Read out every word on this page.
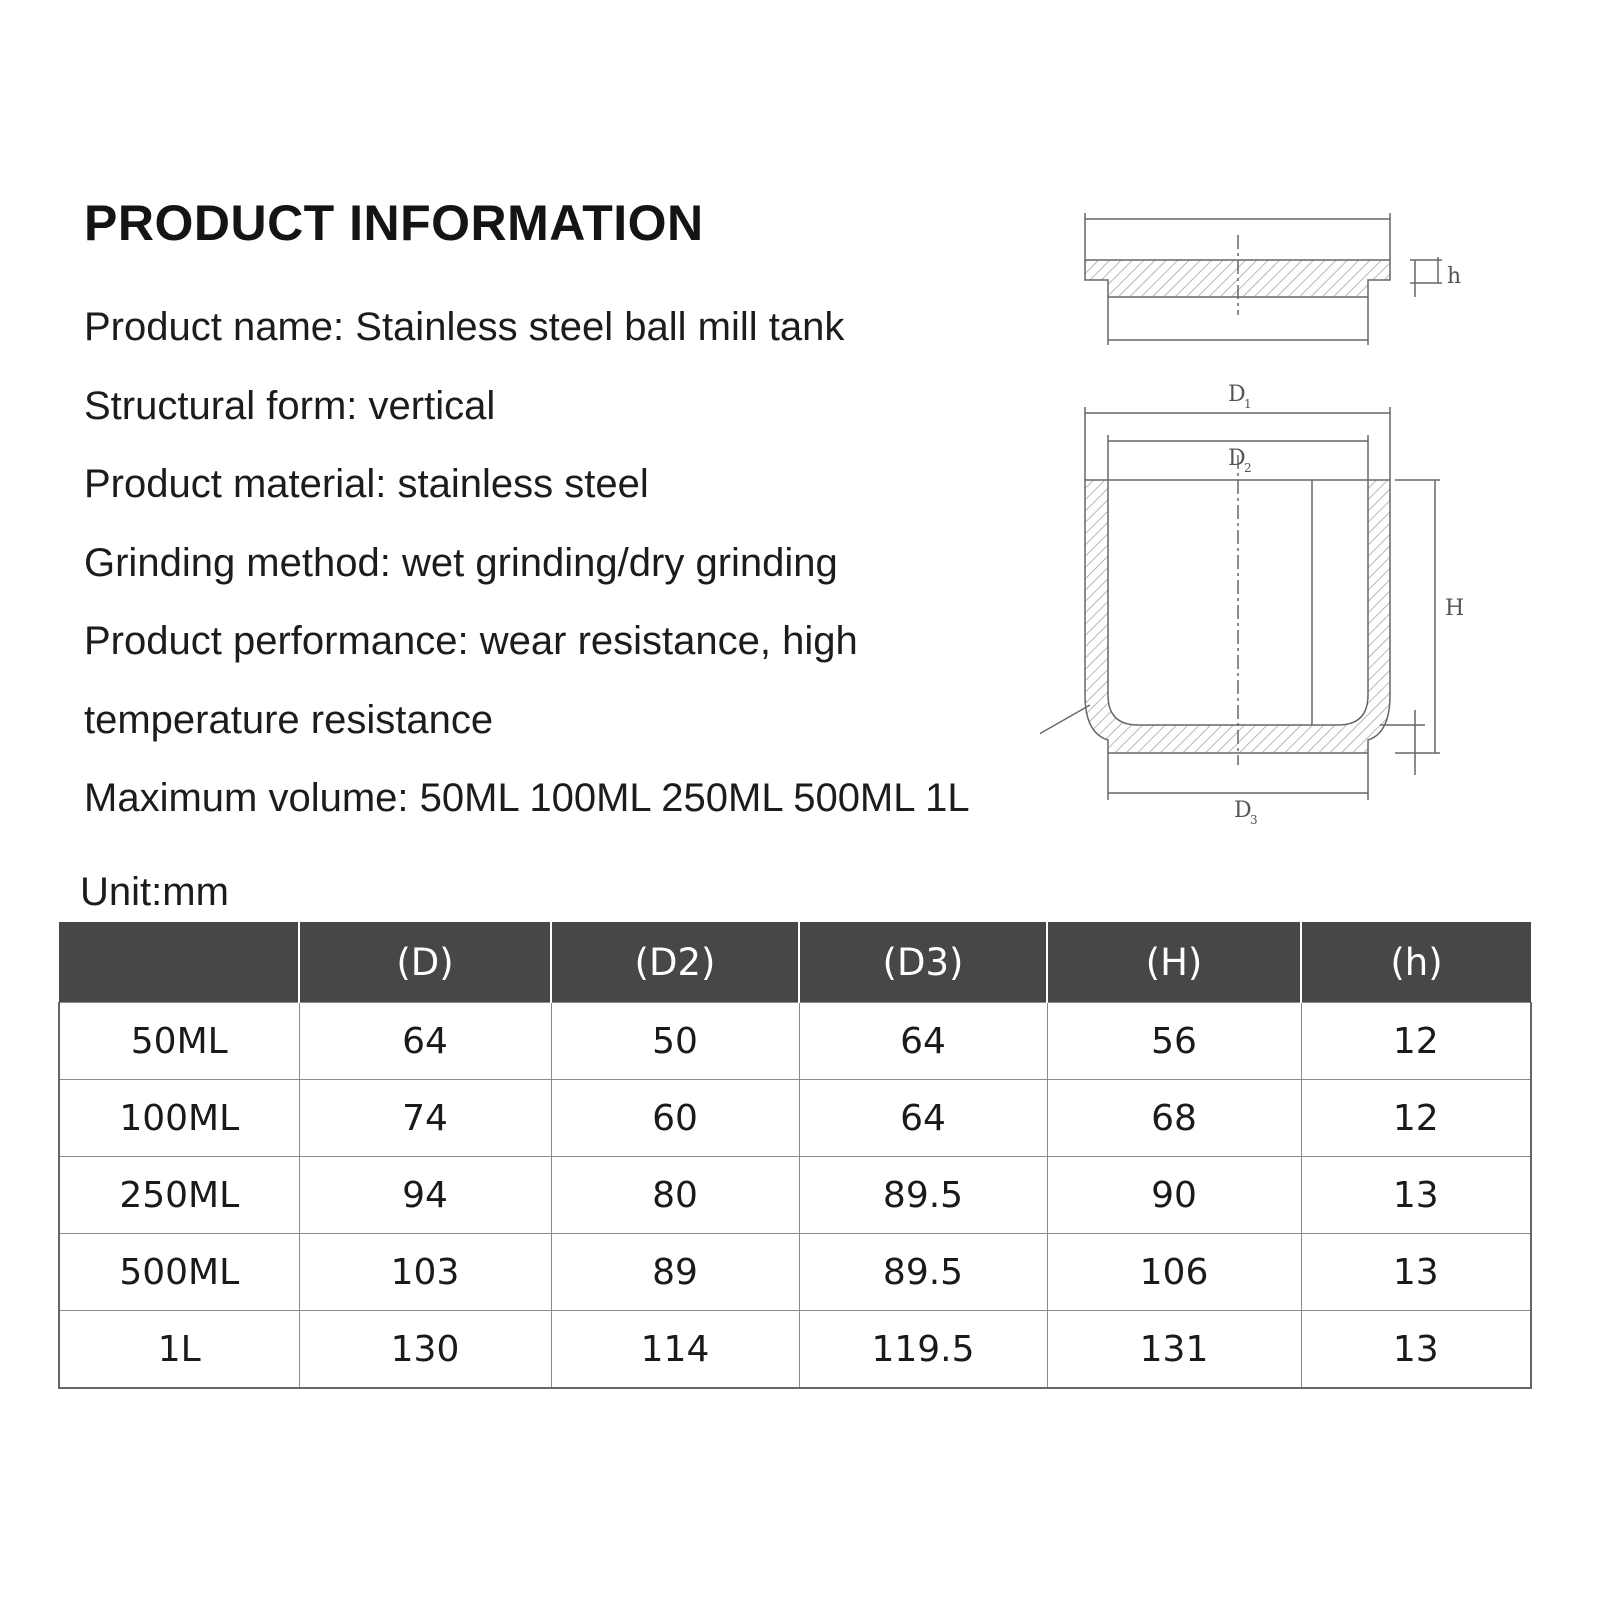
PRODUCT INFORMATION
Product name : Stainless steel ball mill tank
Structural form : vertical
Product material : stainless steel
Grinding method : wet grinding/dry grinding
Product performance : wear resistance, high
temperature resistance
Maximum volume : 50ML 100ML 250ML 500ML 1L
h
D
1
D
2
H
D
3
Unit:mm
	(D)	(D2)	(D3)	(H)	(h)
50ML	64	50	64	56	12
100ML	74	60	64	68	12
250ML	94	80	89.5	90	13
500ML	103	89	89.5	106	13
1L	130	114	119.5	131	13
